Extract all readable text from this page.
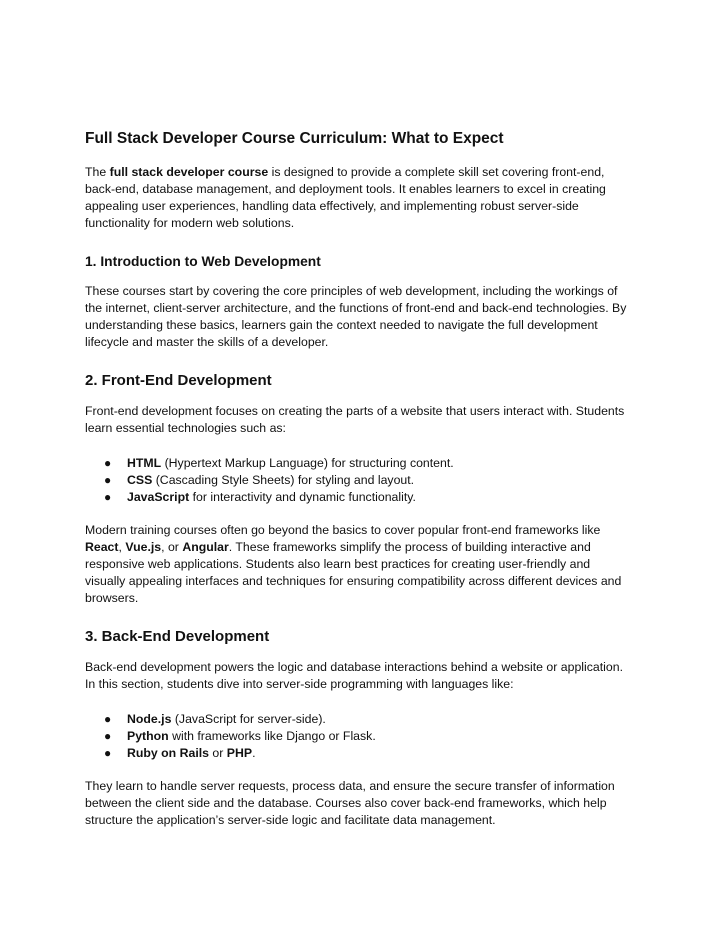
Full Stack Developer Course Curriculum: What to Expect

The full stack developer course is designed to provide a complete skill set covering front-end, back-end, database management, and deployment tools. It enables learners to excel in creating appealing user experiences, handling data effectively, and implementing robust server-side functionality for modern web solutions.

1. Introduction to Web Development

These courses start by covering the core principles of web development, including the workings of the internet, client-server architecture, and the functions of front-end and back-end technologies. By understanding these basics, learners gain the context needed to navigate the full development lifecycle and master the skills of a developer.

2. Front-End Development

Front-end development focuses on creating the parts of a website that users interact with. Students learn essential technologies such as:

● HTML (Hypertext Markup Language) for structuring content.
● CSS (Cascading Style Sheets) for styling and layout.
● JavaScript for interactivity and dynamic functionality.

Modern training courses often go beyond the basics to cover popular front-end frameworks like React, Vue.js, or Angular. These frameworks simplify the process of building interactive and responsive web applications. Students also learn best practices for creating user-friendly and visually appealing interfaces and techniques for ensuring compatibility across different devices and browsers.

3. Back-End Development

Back-end development powers the logic and database interactions behind a website or application. In this section, students dive into server-side programming with languages like:

● Node.js (JavaScript for server-side).
● Python with frameworks like Django or Flask.
● Ruby on Rails or PHP.

They learn to handle server requests, process data, and ensure the secure transfer of information between the client side and the database. Courses also cover back-end frameworks, which help structure the application’s server-side logic and facilitate data management.
